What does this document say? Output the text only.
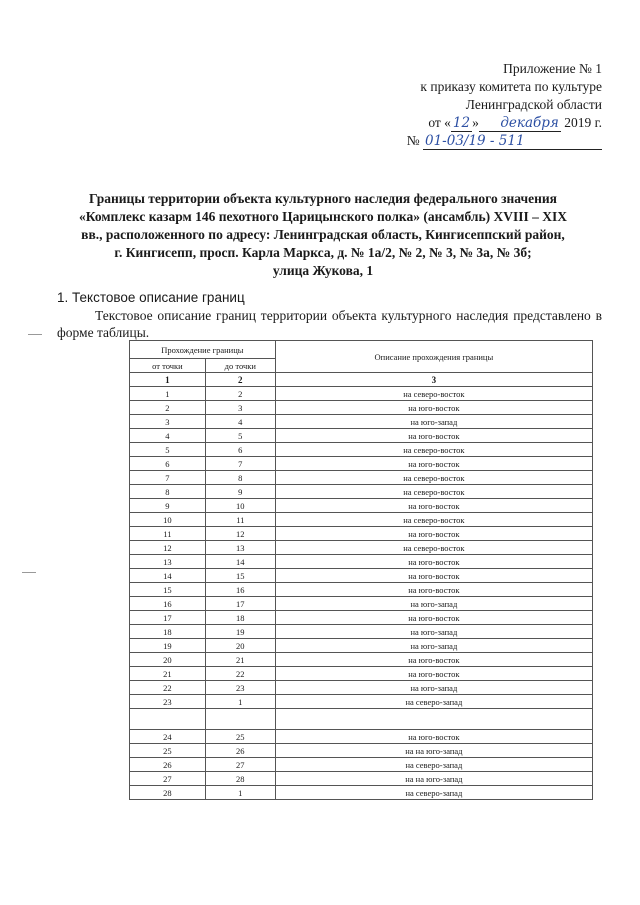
Приложение № 1
к приказу комитета по культуре
Ленинградской области
от « 12 » декабря 2019 г.
№ 01-03/19 - 511
Границы территории объекта культурного наследия федерального значения
«Комплекс казарм 146 пехотного Царицынского полка» (ансамбль) XVIII – XIX
вв., расположенного по адресу: Ленинградская область, Кингисеппский район,
г. Кингисепп, просп. Карла Маркса, д. № 1а/2, № 2, № 3, № 3а, № 3б;
улица Жукова, 1
1. Текстовое описание границ
Текстовое описание границ территории объекта культурного наследия представлено в форме таблицы.
Прохождение границы		Описание прохождения границы
от точки	до точки	
1	2	3
1	2	на северо-восток
2	3	на юго-восток
3	4	на юго-запад
4	5	на юго-восток
5	6	на северо-восток
6	7	на юго-восток
7	8	на северо-восток
8	9	на северо-восток
9	10	на юго-восток
10	11	на северо-восток
11	12	на юго-восток
12	13	на северо-восток
13	14	на юго-восток
14	15	на юго-восток
15	16	на юго-восток
16	17	на юго-запад
17	18	на юго-восток
18	19	на юго-запад
19	20	на юго-запад
20	21	на юго-восток
21	22	на юго-восток
22	23	на юго-запад
23	1	на северо-запад

24	25	на юго-восток
25	26	на на юго-запад
26	27	на северо-запад
27	28	на на юго-запад
28	1	на северо-запад
